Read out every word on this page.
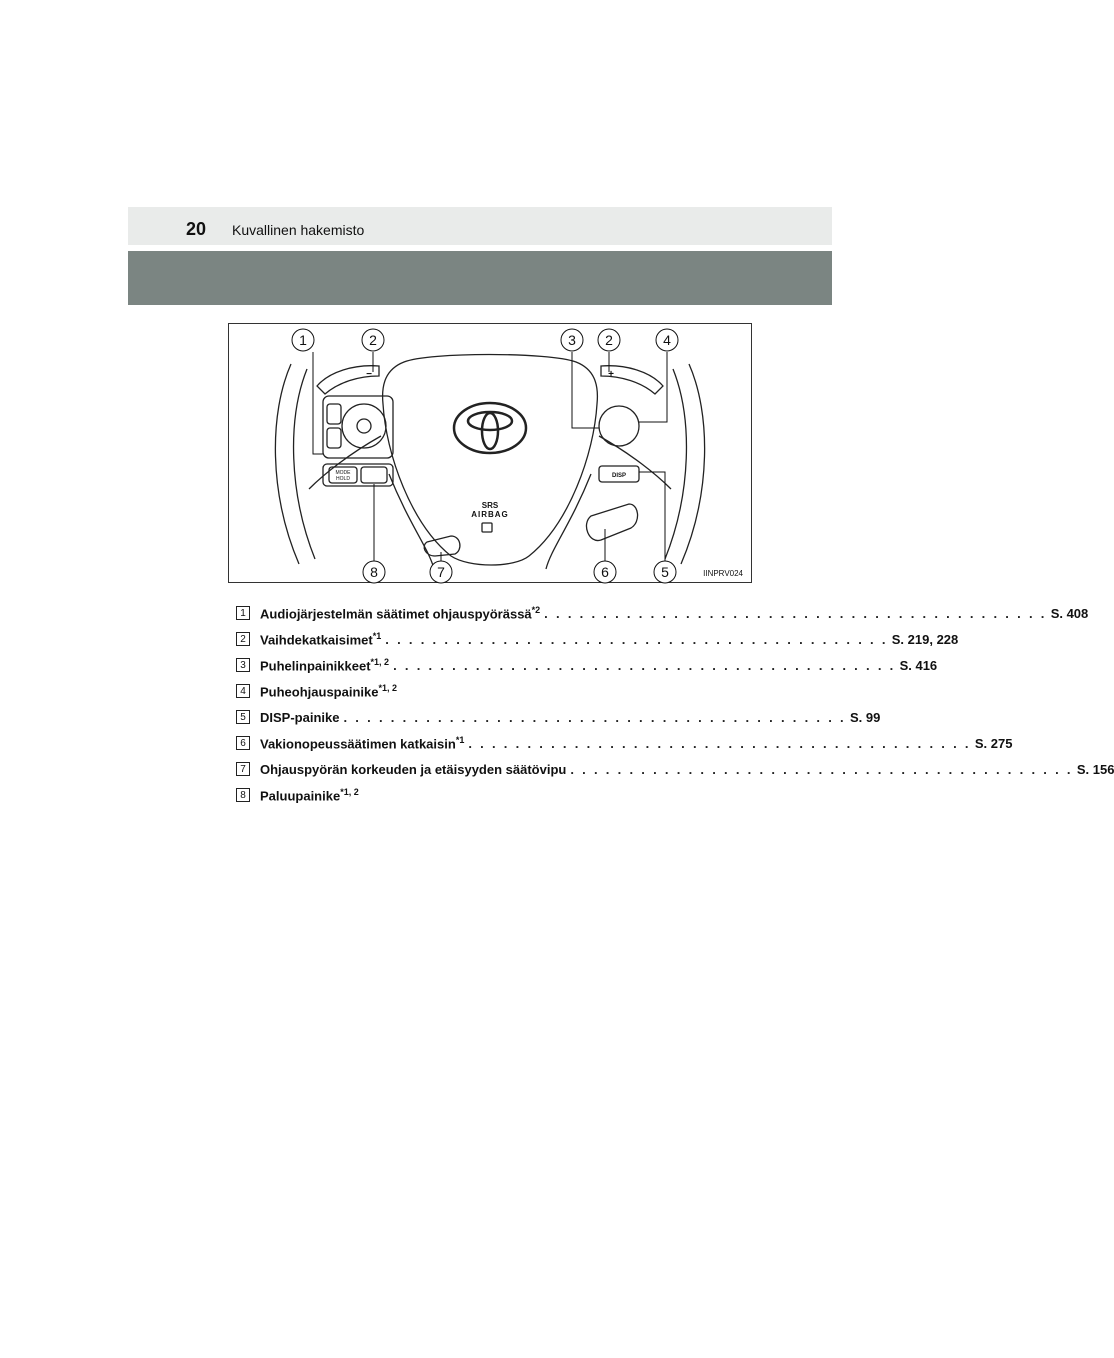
20 Kuvallinen hakemisto
1	2	3 2	4
8	7	6	5
SRS
AIRBAG
MODE
HOLD	DISP
−	+
IINPRV024
1	Audiojärjestelmän säätimet ohjauspyörässä$^{*2}$ . . . . . . . . . . . . . . . . . . . . . . . . . . . . . . . . . . . . . . . . . . . S. 408
2	Vaihdekatkaisimet$^{*1}$ . . . . . . . . . . . . . . . . . . . . . . . . . . . . . . . . . . . . . . . . . . . S. 219, 228
3	Puhelinpainikkeet$^{*1, 2}$ . . . . . . . . . . . . . . . . . . . . . . . . . . . . . . . . . . . . . . . . . . . S. 416
4	Puheohjauspainike$^{*1, 2}$
5	DISP-painike . . . . . . . . . . . . . . . . . . . . . . . . . . . . . . . . . . . . . . . . . . . S. 99
6	Vakionopeussäätimen katkaisin$^{*1}$ . . . . . . . . . . . . . . . . . . . . . . . . . . . . . . . . . . . . . . . . . . . S. 275
7	Ohjauspyörän korkeuden ja etäisyyden säätövipu . . . . . . . . . . . . . . . . . . . . . . . . . . . . . . . . . . . . . . . . . . . S. 156
8	Paluupainike$^{*1, 2}$
